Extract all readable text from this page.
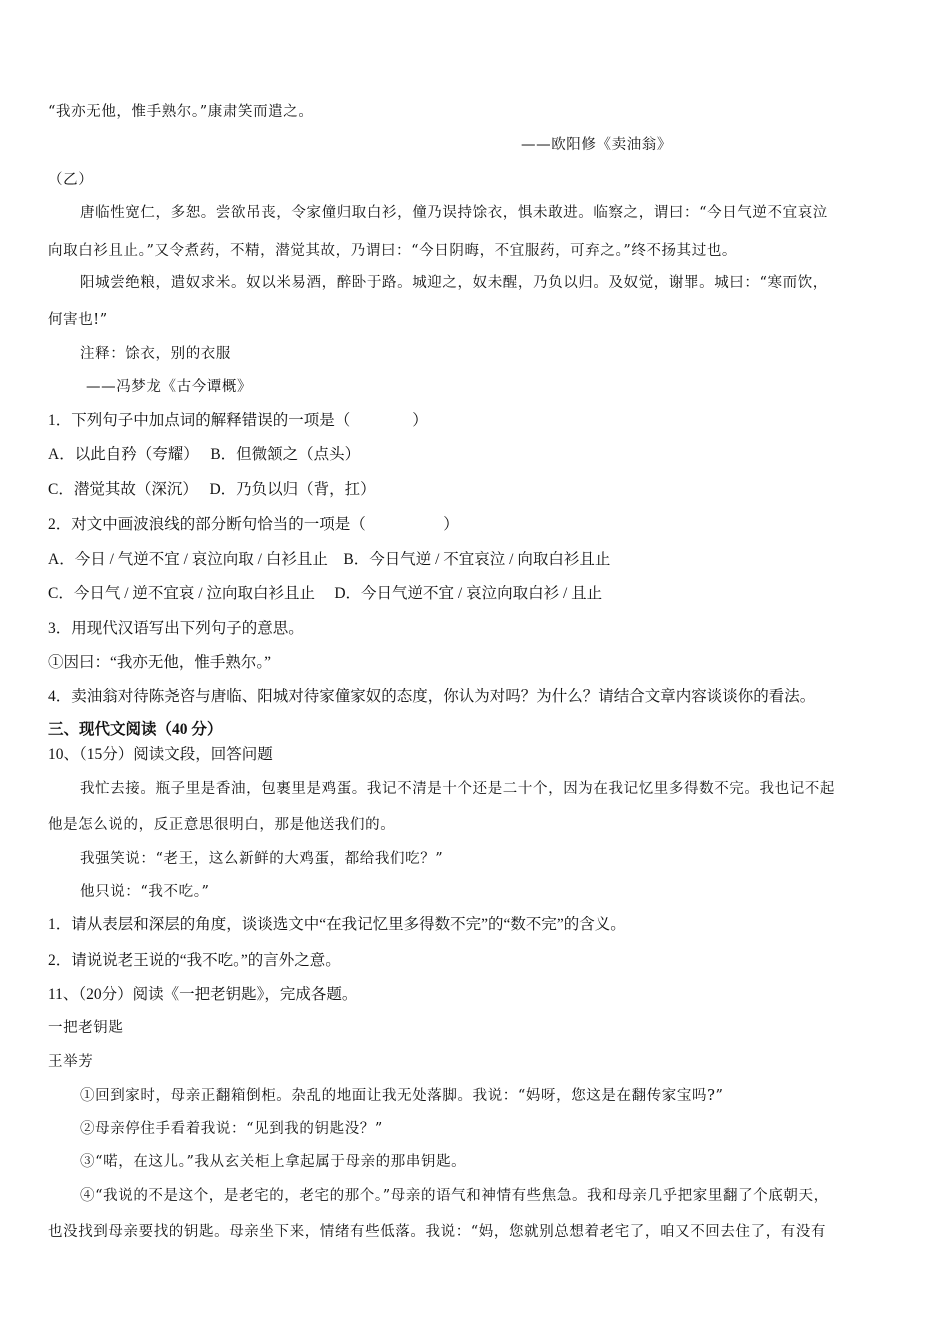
“我亦无他，惟手熟尔。”康肃笑而遣之。
——欧阳修《卖油翁》
（乙）
唐临性宽仁，多恕。尝欲吊丧，令家僮归取白衫，僮乃误持馀衣，惧未敢进。临察之，谓曰：“今日气逆不宜哀泣
向取白衫且止。”又令煮药，不精，潜觉其故，乃谓曰：“今日阴晦，不宜服药，可弃之。”终不扬其过也。
阳城尝绝粮，遣奴求米。奴以米易酒，醉卧于路。城迎之，奴未醒，乃负以归。及奴觉，谢罪。城曰：“寒而饮，
何害也!”
注释：馀衣，别的衣服
——冯梦龙《古今谭概》
1．下列句子中加点词的解释错误的一项是（　　　　）
A．以此自矜（夸耀）　 B．但微颔之（点头）
C．潜觉其故（深沉）　 D．乃负以归（背，扛）
2．对文中画波浪线的部分断句恰当的一项是（　　　　　）
A．今日 / 气逆不宜 / 哀泣向取 / 白衫且止　B．今日气逆 / 不宜哀泣 / 向取白衫且止
C．今日气 / 逆不宜哀 / 泣向取白衫且止　 D．今日气逆不宜 / 哀泣向取白衫 / 且止
3．用现代汉语写出下列句子的意思。
①因曰：“我亦无他，惟手熟尔。”
4．卖油翁对待陈尧咨与唐临、阳城对待家僮家奴的态度，你认为对吗？为什么？请结合文章内容谈谈你的看法。
三、现代文阅读（40 分）
10、（15分）阅读文段，回答问题
我忙去接。瓶子里是香油，包裹里是鸡蛋。我记不清是十个还是二十个，因为在我记忆里多得数不完。我也记不起
他是怎么说的，反正意思很明白，那是他送我们的。
我强笑说：“老王，这么新鲜的大鸡蛋，都给我们吃？”
他只说：“我不吃。”
1．请从表层和深层的角度，谈谈选文中“在我记忆里多得数不完”的“数不完”的含义。
2．请说说老王说的“我不吃。”的言外之意。
11、（20分）阅读《一把老钥匙》，完成各题。
一把老钥匙
王举芳
①回到家时，母亲正翻箱倒柜。杂乱的地面让我无处落脚。我说：“妈呀，您这是在翻传家宝吗?”
②母亲停住手看着我说：“见到我的钥匙没？”
③“喏，在这儿。”我从玄关柜上拿起属于母亲的那串钥匙。
④“我说的不是这个，是老宅的，老宅的那个。”母亲的语气和神情有些焦急。我和母亲几乎把家里翻了个底朝天，
也没找到母亲要找的钥匙。母亲坐下来，情绪有些低落。我说：“妈，您就别总想着老宅了，咱又不回去住了，有没有
